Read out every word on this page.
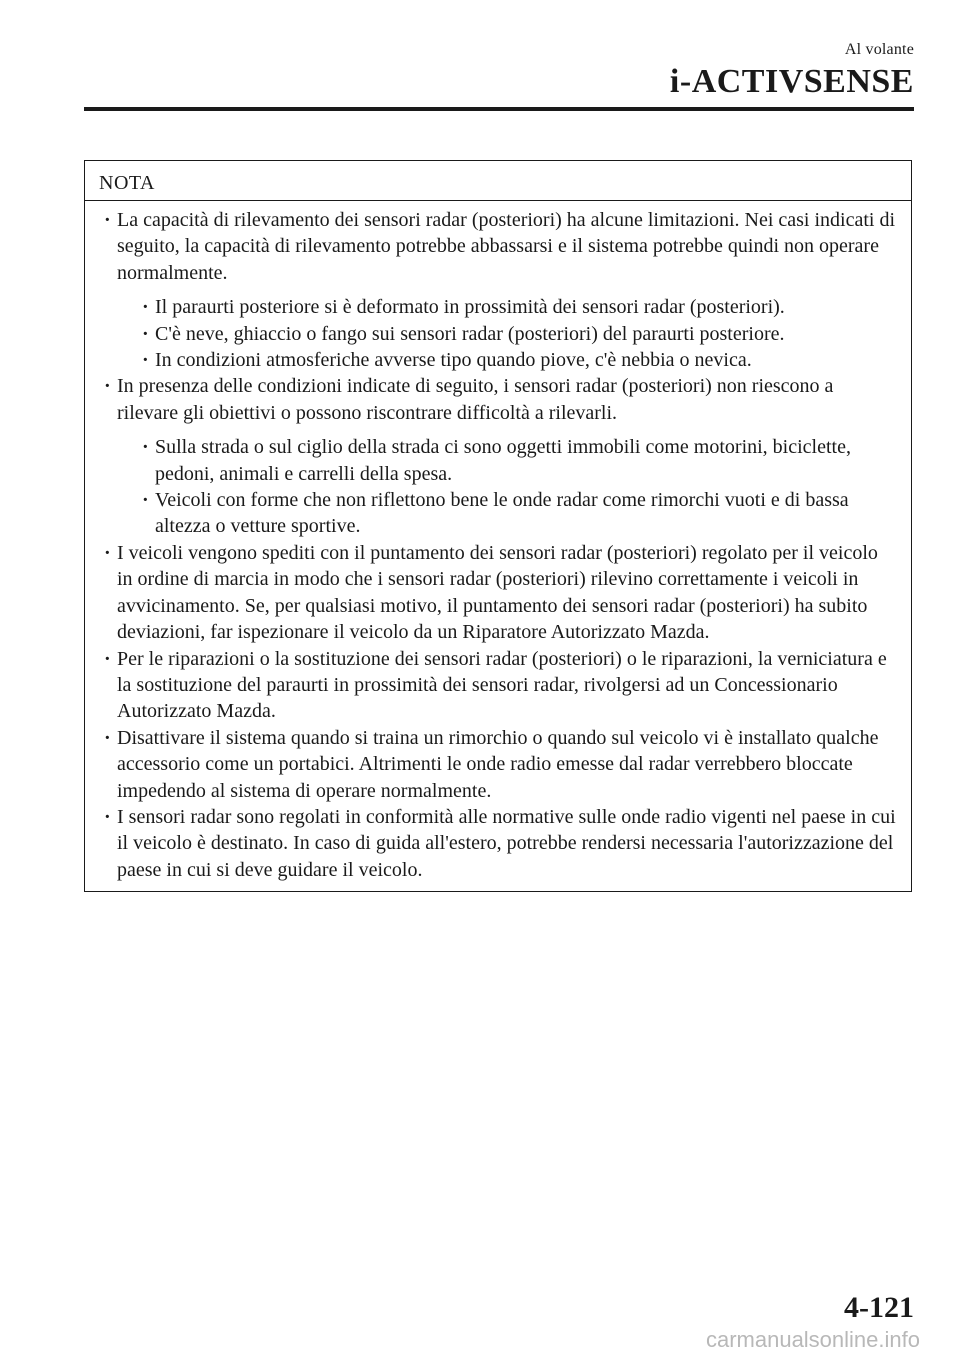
Al volante
i-ACTIVSENSE
NOTA
· La capacità di rilevamento dei sensori radar (posteriori) ha alcune limitazioni. Nei casi indicati di seguito, la capacità di rilevamento potrebbe abbassarsi e il sistema potrebbe quindi non operare normalmente.
· Il paraurti posteriore si è deformato in prossimità dei sensori radar (posteriori).
· C'è neve, ghiaccio o fango sui sensori radar (posteriori) del paraurti posteriore.
· In condizioni atmosferiche avverse tipo quando piove, c'è nebbia o nevica.
· In presenza delle condizioni indicate di seguito, i sensori radar (posteriori) non riescono a rilevare gli obiettivi o possono riscontrare difficoltà a rilevarli.
· Sulla strada o sul ciglio della strada ci sono oggetti immobili come motorini, biciclette, pedoni, animali e carrelli della spesa.
· Veicoli con forme che non riflettono bene le onde radar come rimorchi vuoti e di bassa altezza o vetture sportive.
· I veicoli vengono spediti con il puntamento dei sensori radar (posteriori) regolato per il veicolo in ordine di marcia in modo che i sensori radar (posteriori) rilevino correttamente i veicoli in avvicinamento. Se, per qualsiasi motivo, il puntamento dei sensori radar (posteriori) ha subito deviazioni, far ispezionare il veicolo da un Riparatore Autorizzato Mazda.
· Per le riparazioni o la sostituzione dei sensori radar (posteriori) o le riparazioni, la verniciatura e la sostituzione del paraurti in prossimità dei sensori radar, rivolgersi ad un Concessionario Autorizzato Mazda.
· Disattivare il sistema quando si traina un rimorchio o quando sul veicolo vi è installato qualche accessorio come un portabici. Altrimenti le onde radio emesse dal radar verrebbero bloccate impedendo al sistema di operare normalmente.
· I sensori radar sono regolati in conformità alle normative sulle onde radio vigenti nel paese in cui il veicolo è destinato. In caso di guida all'estero, potrebbe rendersi necessaria l'autorizzazione del paese in cui si deve guidare il veicolo.
4-121
carmanualsonline.info
